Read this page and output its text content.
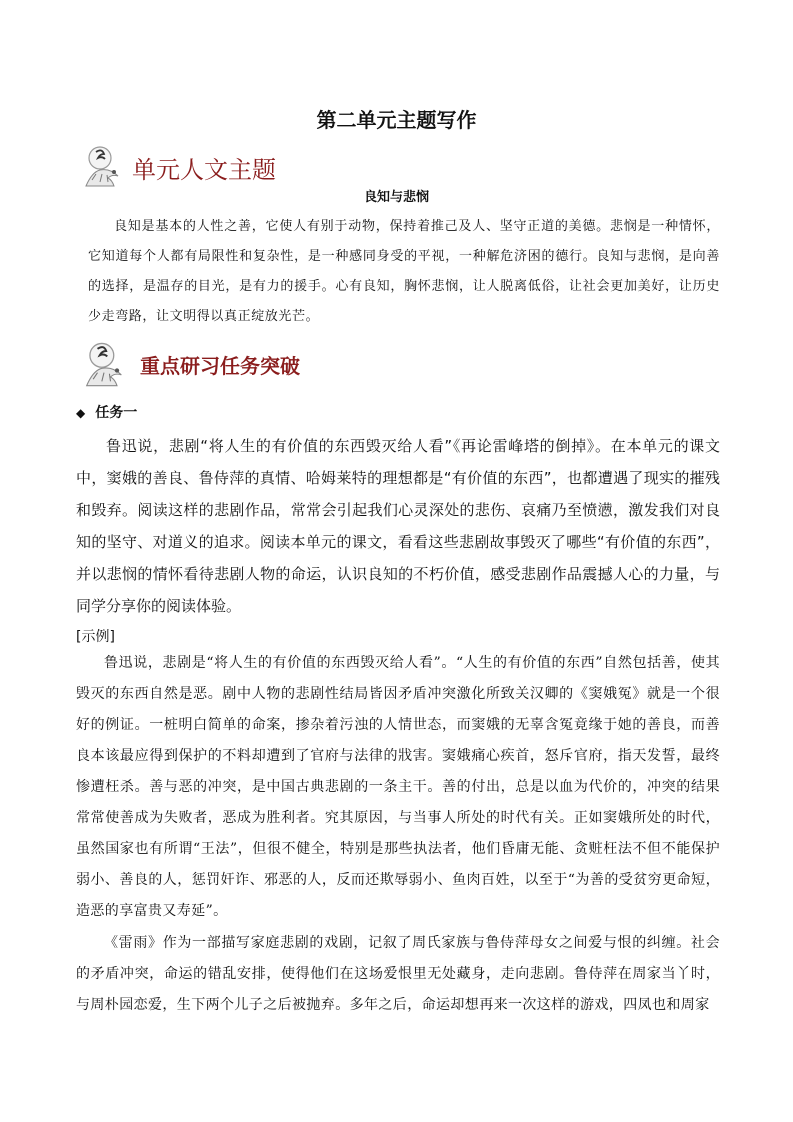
第二单元主题写作
单元人文主题
良知与悲悯

良知是基本的人性之善，它使人有别于动物，保持着推己及人、坚守正道的美德。悲悯是一种情怀，它知道每个人都有局限性和复杂性，是一种感同身受的平视，一种解危济困的德行。良知与悲悯，是向善的选择，是温存的目光，是有力的援手。心有良知，胸怀悲悯，让人脱离低俗，让社会更加美好，让历史少走弯路，让文明得以真正绽放光芒。

重点研习任务突破
◆ 任务一

鲁迅说，悲剧“将人生的有价值的东西毁灭给人看”《再论雷峰塔的倒掉》。在本单元的课文中，窦娥的善良、鲁侍萍的真情、哈姆莱特的理想都是“有价值的东西”，也都遭遇了现实的摧残和毁弃。阅读这样的悲剧作品，常常会引起我们心灵深处的悲伤、哀痛乃至愤懑，激发我们对良知的坚守、对道义的追求。阅读本单元的课文，看看这些悲剧故事毁灭了哪些“有价值的东西”，并以悲悯的情怀看待悲剧人物的命运，认识良知的不朽价值，感受悲剧作品震撼人心的力量，与同学分享你的阅读体验。

[示例]

鲁迅说，悲剧是“将人生的有价值的东西毁灭给人看”。“人生的有价值的东西”自然包括善，使其毁灭的东西自然是恶。剧中人物的悲剧性结局皆因矛盾冲突激化所致关汉卿的《窦娥冤》就是一个很好的例证。一桩明白简单的命案，掺杂着污浊的人情世态，而窦娥的无辜含冤竟缘于她的善良，而善良本该最应得到保护的不料却遭到了官府与法律的戕害。窦娥痛心疾首，怒斥官府，指天发誓，最终惨遭枉杀。善与恶的冲突，是中国古典悲剧的一条主干。善的付出，总是以血为代价的，冲突的结果常常使善成为失败者，恶成为胜利者。究其原因，与当事人所处的时代有关。正如窦娥所处的时代，虽然国家也有所谓“王法”，但很不健全，特别是那些执法者，他们昏庸无能、贪赃枉法不但不能保护弱小、善良的人，惩罚奸诈、邪恶的人，反而还欺辱弱小、鱼肉百姓，以至于“为善的受贫穷更命短，造恶的享富贵又寿延”。

《雷雨》作为一部描写家庭悲剧的戏剧，记叙了周氏家族与鲁侍萍母女之间爱与恨的纠缠。社会的矛盾冲突，命运的错乱安排，使得他们在这场爱恨里无处藏身，走向悲剧。鲁侍萍在周家当丫时，与周朴园恋爱，生下两个儿子之后被抛弃。多年之后，命运却想再来一次这样的游戏，四凤也和周家
